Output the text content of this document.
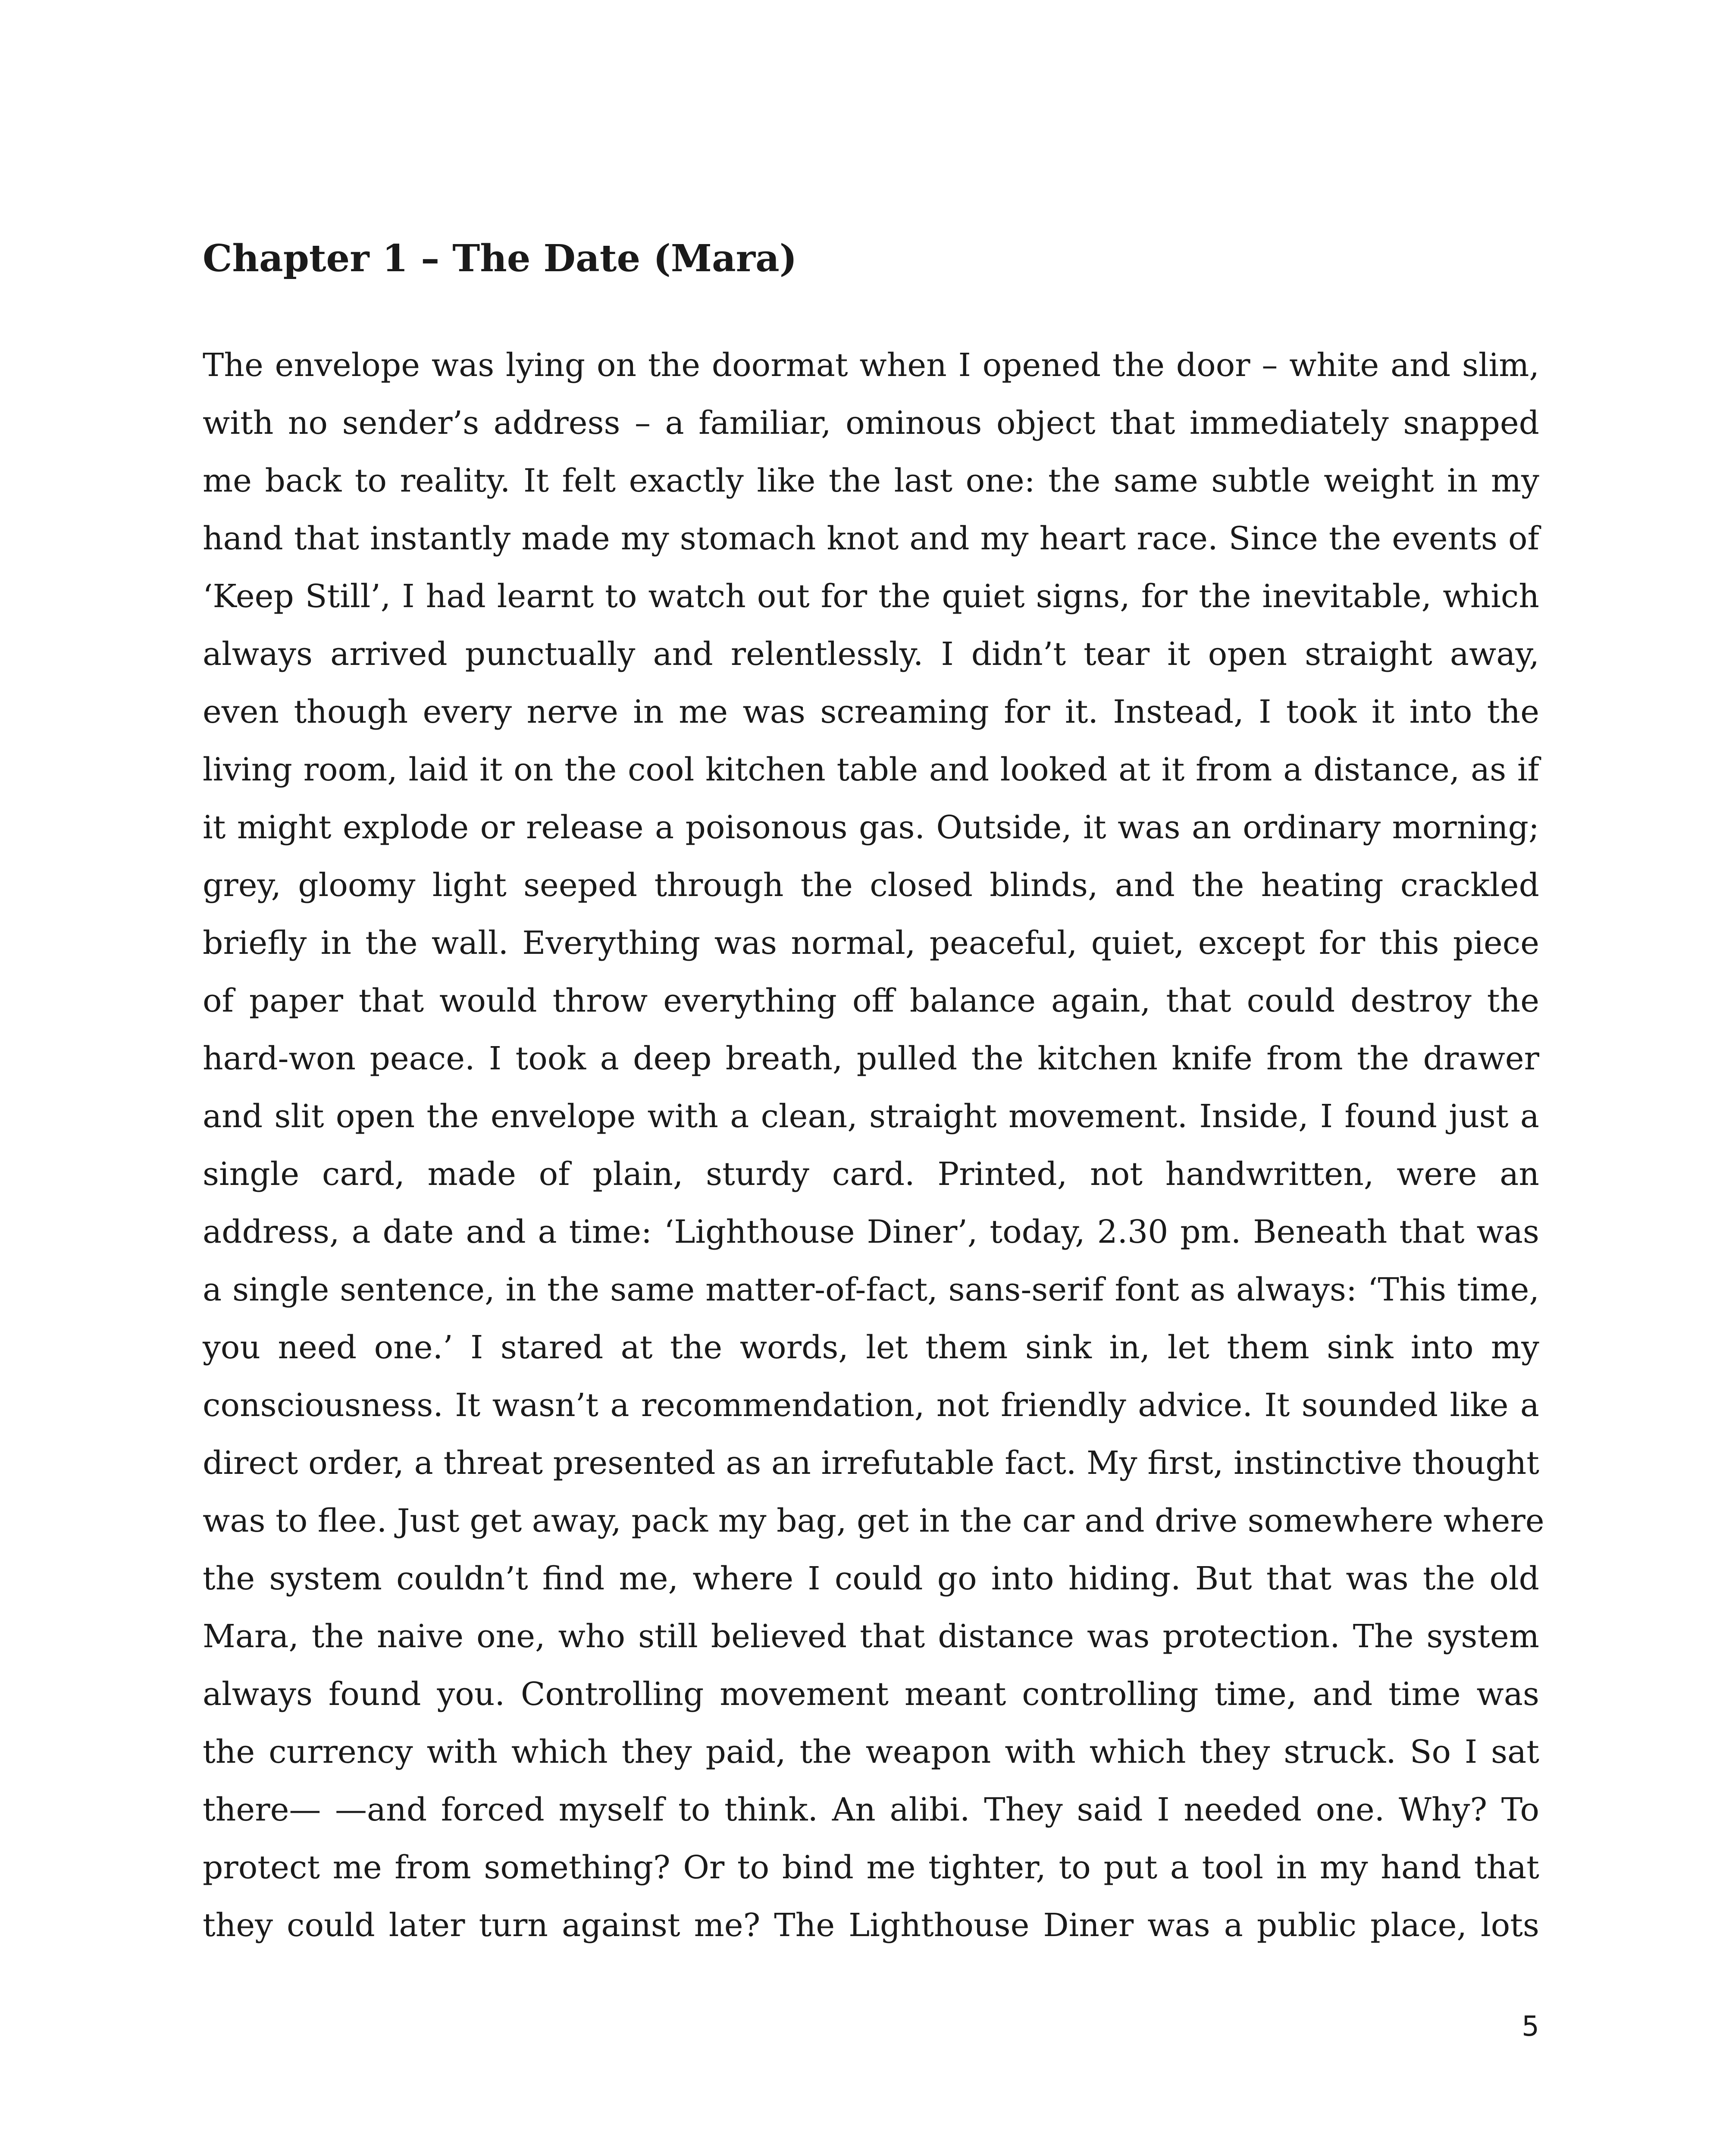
Chapter 1 – The Date (Mara)
The envelope was lying on the doormat when I opened the door – white and slim,
with no sender’s address – a familiar, ominous object that immediately snapped
me back to reality. It felt exactly like the last one: the same subtle weight in my
hand that instantly made my stomach knot and my heart race. Since the events of
‘Keep Still’, I had learnt to watch out for the quiet signs, for the inevitable, which
always arrived punctually and relentlessly. I didn’t tear it open straight away,
even though every nerve in me was screaming for it. Instead, I took it into the
living room, laid it on the cool kitchen table and looked at it from a distance, as if
it might explode or release a poisonous gas. Outside, it was an ordinary morning;
grey, gloomy light seeped through the closed blinds, and the heating crackled
briefly in the wall. Everything was normal, peaceful, quiet, except for this piece
of paper that would throw everything off balance again, that could destroy the
hard-won peace. I took a deep breath, pulled the kitchen knife from the drawer
and slit open the envelope with a clean, straight movement. Inside, I found just a
single card, made of plain, sturdy card. Printed, not handwritten, were an
address, a date and a time: ‘Lighthouse Diner’, today, 2.30 pm. Beneath that was
a single sentence, in the same matter-of-fact, sans-serif font as always: ‘This time,
you need one.’ I stared at the words, let them sink in, let them sink into my
consciousness. It wasn’t a recommendation, not friendly advice. It sounded like a
direct order, a threat presented as an irrefutable fact. My first, instinctive thought
was to flee. Just get away, pack my bag, get in the car and drive somewhere where
the system couldn’t find me, where I could go into hiding. But that was the old
Mara, the naive one, who still believed that distance was protection. The system
always found you. Controlling movement meant controlling time, and time was
the currency with which they paid, the weapon with which they struck. So I sat
there— —and forced myself to think. An alibi. They said I needed one. Why? To
protect me from something? Or to bind me tighter, to put a tool in my hand that
they could later turn against me? The Lighthouse Diner was a public place, lots
5
